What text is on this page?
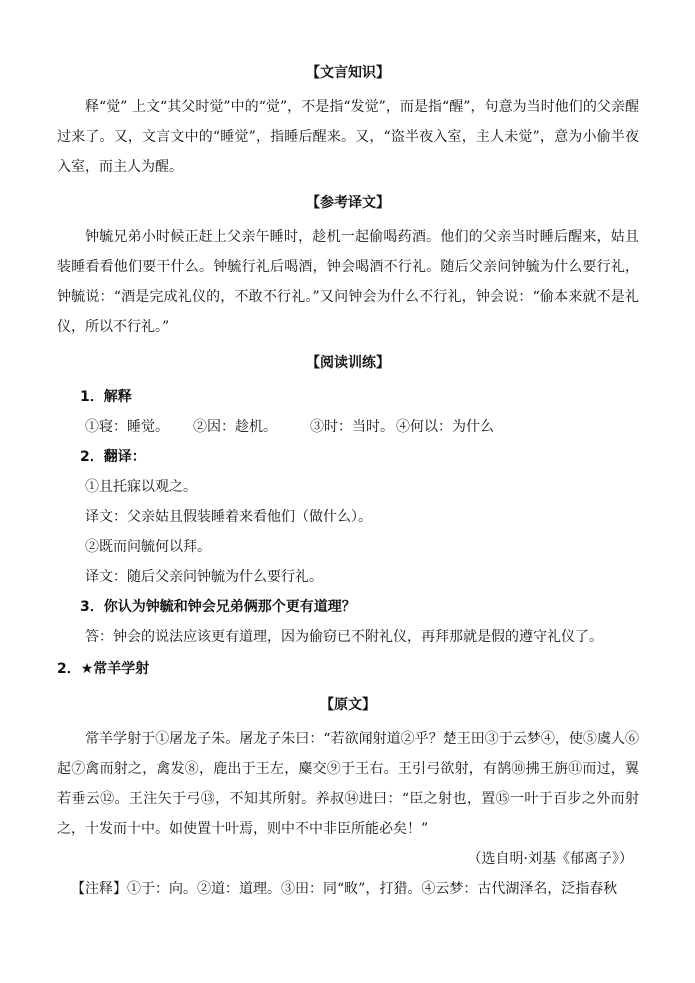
【文言知识】

释“觉” 上文“其父时觉”中的“觉”，不是指“发觉”，而是指“醒”，句意为当时他们的父亲醒过来了。又，文言文中的“睡觉”，指睡后醒来。又，“盗半夜入室，主人未觉”，意为小偷半夜入室，而主人为醒。

【参考译文】

钟毓兄弟小时候正赶上父亲午睡时，趁机一起偷喝药酒。他们的父亲当时睡后醒来，姑且装睡看看他们要干什么。钟毓行礼后喝酒，钟会喝酒不行礼。随后父亲问钟毓为什么要行礼，钟毓说：“酒是完成礼仪的，不敢不行礼。”又问钟会为什么不行礼，钟会说：“偷本来就不是礼仪，所以不行礼。”

【阅读训练】

1．解释

①寝：睡觉。	②因：趁机。	③时：当时。 ④何以：为什么

2．翻译：

①且托寐以观之。

译文：父亲姑且假装睡着来看他们（做什么）。

②既而问毓何以拜。

译文：随后父亲问钟毓为什么要行礼。

3．你认为钟毓和钟会兄弟俩那个更有道理？

答：钟会的说法应该更有道理，因为偷窃已不附礼仪，再拜那就是假的遵守礼仪了。

2．★常羊学射

【原文】

常羊学射于①屠龙子朱。屠龙子朱曰：“若欲闻射道②乎？楚王田③于云梦④，使⑤虞人⑥起⑦禽而射之，禽发⑧，鹿出于王左，麋交⑨于王右。王引弓欲射，有鹄⑩拂王旃⑪而过，翼若垂云⑫。王注矢于弓⑬，不知其所射。养叔⑭进曰：“臣之射也，置⑮一叶于百步之外而射之，十发而十中。如使置十叶焉，则中不中非臣所能必矣！”

（选自明·刘基《郁离子》）

【注释】①于：向。②道：道理。③田：同“畋”，打猎。④云梦：古代湖泽名，泛指春秋
